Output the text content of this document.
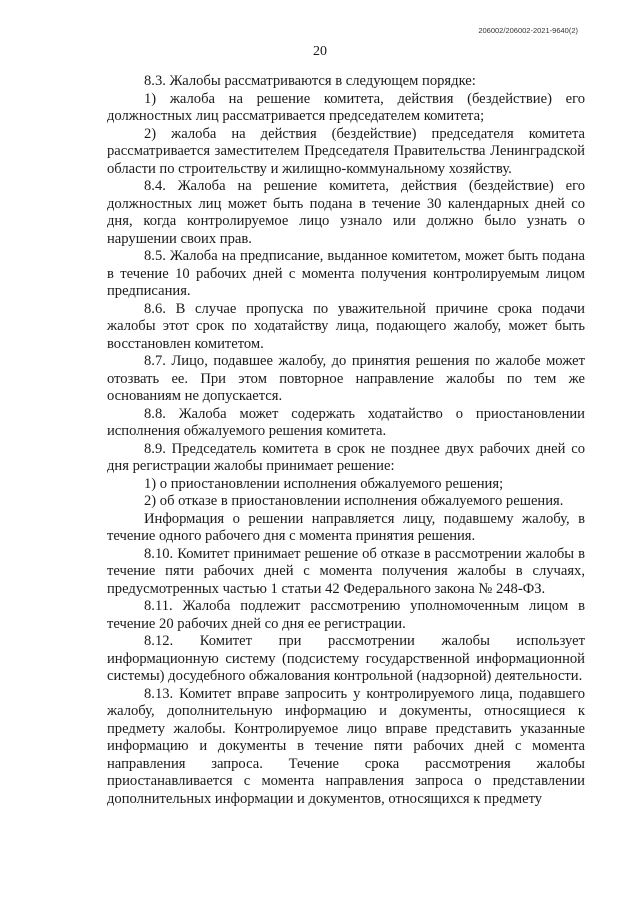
206002/206002-2021-9640(2)
20

8.3. Жалобы рассматриваются в следующем порядке:

1) жалоба на решение комитета, действия (бездействие) его должностных лиц рассматривается председателем комитета;

2) жалоба на действия (бездействие) председателя комитета рассматривается заместителем Председателя Правительства Ленинградской области по строительству и жилищно-коммунальному хозяйству.

8.4. Жалоба на решение комитета, действия (бездействие) его должностных лиц может быть подана в течение 30 календарных дней со дня, когда контролируемое лицо узнало или должно было узнать о нарушении своих прав.

8.5. Жалоба на предписание, выданное комитетом, может быть подана в течение 10 рабочих дней с момента получения контролируемым лицом предписания.

8.6. В случае пропуска по уважительной причине срока подачи жалобы этот срок по ходатайству лица, подающего жалобу, может быть восстановлен комитетом.

8.7. Лицо, подавшее жалобу, до принятия решения по жалобе может отозвать ее. При этом повторное направление жалобы по тем же основаниям не допускается.

8.8. Жалоба может содержать ходатайство о приостановлении исполнения обжалуемого решения комитета.

8.9. Председатель комитета в срок не позднее двух рабочих дней со дня регистрации жалобы принимает решение:

1) о приостановлении исполнения обжалуемого решения;

2) об отказе в приостановлении исполнения обжалуемого решения.

Информация о решении направляется лицу, подавшему жалобу, в течение одного рабочего дня с момента принятия решения.

8.10. Комитет принимает решение об отказе в рассмотрении жалобы в течение пяти рабочих дней с момента получения жалобы в случаях, предусмотренных частью 1 статьи 42 Федерального закона № 248-ФЗ.

8.11. Жалоба подлежит рассмотрению уполномоченным лицом в течение 20 рабочих дней со дня ее регистрации.

8.12. Комитет при рассмотрении жалобы использует информационную систему (подсистему государственной информационной системы) досудебного обжалования контрольной (надзорной) деятельности.

8.13. Комитет вправе запросить у контролируемого лица, подавшего жалобу, дополнительную информацию и документы, относящиеся к предмету жалобы. Контролируемое лицо вправе представить указанные информацию и документы в течение пяти рабочих дней с момента направления запроса. Течение срока рассмотрения жалобы приостанавливается с момента направления запроса о представлении дополнительных информации и документов, относящихся к предмету
